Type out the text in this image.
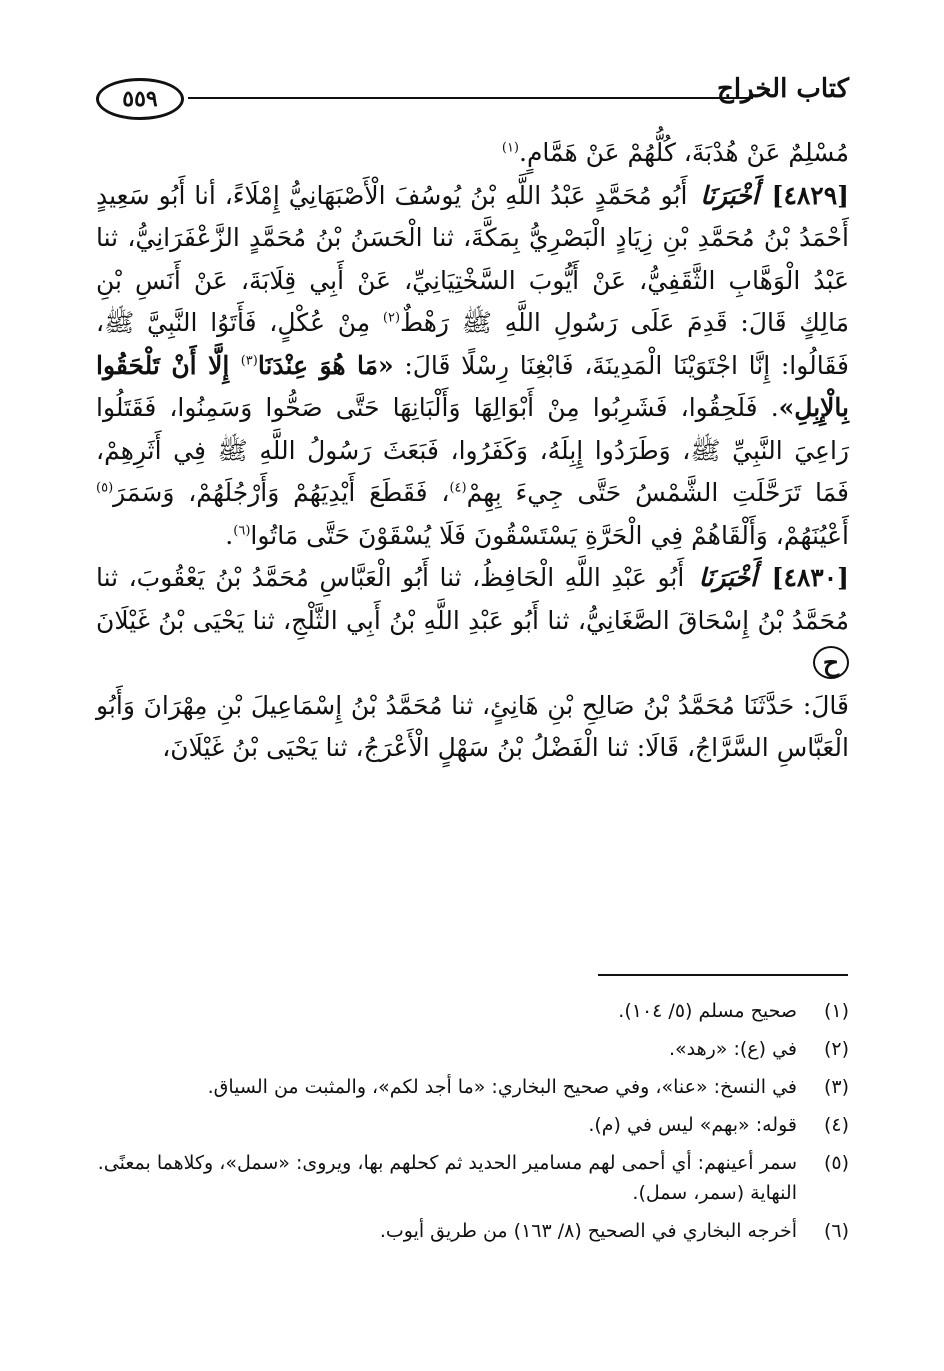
٥٥٩	كتاب الخراج

مُسْلِمٌ عَنْ هُدْبَةَ، كُلُّهُمْ عَنْ هَمَّامٍ.$^{(١)}$

[٤٨٢٩] أَخْبَرَنَا أَبُو مُحَمَّدٍ عَبْدُ اللَّهِ بْنُ يُوسُفَ الْأَصْبَهَانِيُّ إِمْلَاءً، أنا أَبُو سَعِيدٍ أَحْمَدُ بْنُ مُحَمَّدِ بْنِ زِيَادٍ الْبَصْرِيُّ بِمَكَّةَ، ثنا الْحَسَنُ بْنُ مُحَمَّدٍ الزَّعْفَرَانِيُّ، ثنا عَبْدُ الْوَهَّابِ الثَّقَفِيُّ، عَنْ أَيُّوبَ السَّخْتِيَانِيِّ، عَنْ أَبِي قِلَابَةَ، عَنْ أَنَسِ بْنِ مَالِكٍ قَالَ: قَدِمَ عَلَى رَسُولِ اللَّهِ ﷺ رَهْطٌ$^{(٢)}$ مِنْ عُكْلٍ، فَأَتَوُا النَّبِيَّ ﷺ، فَقَالُوا: إِنَّا اجْتَوَيْنَا الْمَدِينَةَ، فَابْغِنَا رِسْلًا قَالَ: «مَا هُوَ عِنْدَنَا$^{(٣)}$ إِلَّا أَنْ تَلْحَقُوا بِالْإِبِلِ». فَلَحِقُوا، فَشَرِبُوا مِنْ أَبْوَالِهَا وَأَلْبَانِهَا حَتَّى صَحُّوا وَسَمِنُوا، فَقَتَلُوا رَاعِيَ النَّبِيِّ ﷺ، وَطَرَدُوا إِبِلَهُ، وَكَفَرُوا، فَبَعَثَ رَسُولُ اللَّهِ ﷺ فِي أَثَرِهِمْ، فَمَا تَرَحَّلَتِ الشَّمْسُ حَتَّى جِيءَ بِهِمْ$^{(٤)}$، فَقَطَعَ أَيْدِيَهُمْ وَأَرْجُلَهُمْ، وَسَمَرَ$^{(٥)}$ أَعْيُنَهُمْ، وَأَلْقَاهُمْ فِي الْحَرَّةِ يَسْتَسْقُونَ فَلَا يُسْقَوْنَ حَتَّى مَاتُوا$^{(٦)}$.

[٤٨٣٠] أَخْبَرَنَا أَبُو عَبْدِ اللَّهِ الْحَافِظُ، ثنا أَبُو الْعَبَّاسِ مُحَمَّدُ بْنُ يَعْقُوبَ، ثنا مُحَمَّدُ بْنُ إِسْحَاقَ الصَّغَانِيُّ، ثنا أَبُو عَبْدِ اللَّهِ بْنُ أَبِي الثَّلْجِ، ثنا يَحْيَى بْنُ غَيْلَانَ ح

قَالَ: حَدَّثَنَا مُحَمَّدُ بْنُ صَالِحِ بْنِ هَانِئٍ، ثنا مُحَمَّدُ بْنُ إِسْمَاعِيلَ بْنِ مِهْرَانَ وَأَبُو الْعَبَّاسِ السَّرَّاجُ، قَالَا: ثنا الْفَضْلُ بْنُ سَهْلٍ الْأَعْرَجُ، ثنا يَحْيَى بْنُ غَيْلَانَ،

(١)
صحيح مسلم (٥/ ١٠٤).
(٢)
في (ع): «رهد».
(٣)
في النسخ: «عنا»، وفي صحيح البخاري: «ما أجد لكم»، والمثبت من السياق.
(٤)
قوله: «بهم» ليس في (م).
(٥)
سمر أعينهم: أي أحمى لهم مسامير الحديد ثم كحلهم بها، ويروى: «سمل»، وكلاهما بمعنًى. النهاية (سمر، سمل).
(٦)
أخرجه البخاري في الصحيح (٨/ ١٦٣) من طريق أيوب.
